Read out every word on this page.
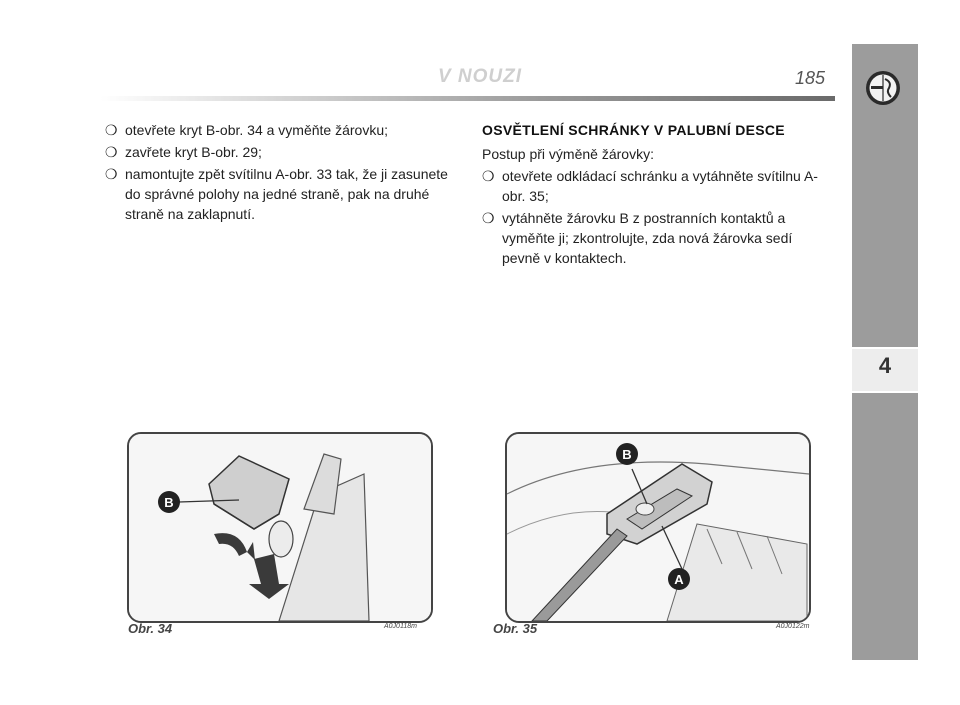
V NOUZI	185
4
❍ otevřete kryt B-obr. 34 a vyměňte žárovku;
❍ zavřete kryt B-obr. 29;
❍ namontujte zpět svítilnu A-obr. 33 tak, že ji zasunete do správné polohy na jedné straně, pak na druhé straně na zaklapnutí.
OSVĚTLENÍ SCHRÁNKY V PALUBNÍ DESCE
Postup při výměně žárovky:
❍ otevřete odkládací schránku a vytáhněte svítilnu A-obr. 35;
❍ vytáhněte žárovku B z postranních kontaktů a vyměňte ji; zkontrolujte, zda nová žárovka sedí pevně v kontaktech.
B
Obr. 34	A0J0118m
B
A
Obr. 35	A0J0122m
